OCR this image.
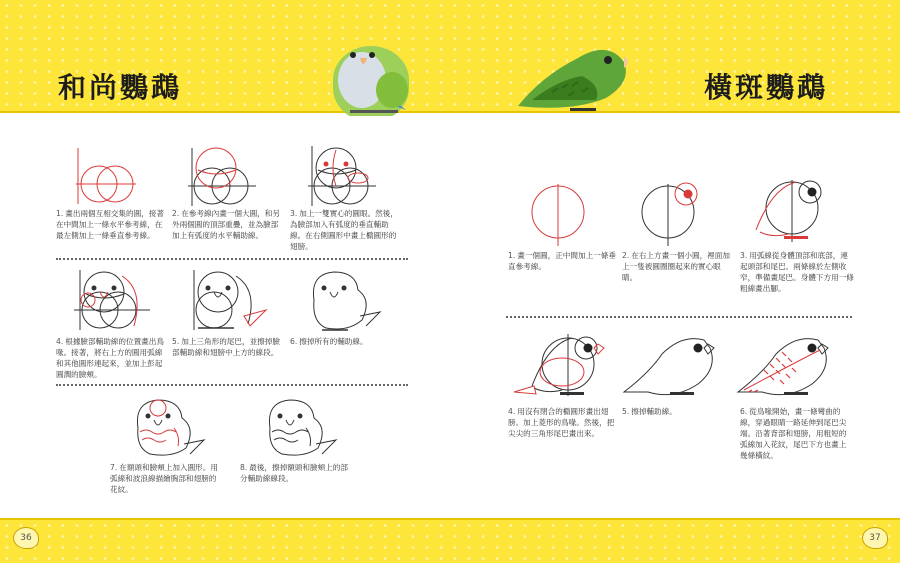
和尚鸚鵡	橫斑鸚鵡
1. 畫出兩個互相交集的圓，接著在中間加上一條水平參考線，在最左側加上一條垂直參考線。
2. 在參考線內畫一個大圓，和另外兩個圓的頂部重疊，並為臉部加上有弧度的水平輔助線。
3. 加上一雙實心的圓眼。然後，為臉部加入有弧度的垂直輔助線。在右側圓形中畫上橢圓形的翅膀。
4. 根據臉部輔助線的位置畫出鳥喙。接著，將右上方的圓用弧線和其他圓形連起來，並加上彭起圓潤的臉頰。
5. 加上三角形的尾巴，並擦掉臉部輔助線和翅膀中上方的線段。
6. 擦掉所有的輔助線。
7. 在額頭和臉頰上加入圓形。用弧線和波浪線描繪胸部和翅膀的花紋。
8. 最後，擦掉額頭和臉頰上的部分輔助線線段。
1. 畫一個圓，正中間加上一條垂直參考線。
2. 在右上方畫一個小圓，裡面加上一隻被圓圈圈起來的實心眼睛。
3. 用弧線從身體頂部和底部，連起頭部和尾巴。兩條線於左側收窄，準備畫尾巴。身體下方用一條粗線畫出腳。
4. 用沒有閉合的橢圓形畫出翅膀。加上菱形的鳥喙。然後，把尖尖的三角形尾巴畫出來。
5. 擦掉輔助線。	6. 從鳥喙開始，畫一條彎曲的線，穿過眼睛一路延伸到尾巴尖端。沿著背部和翅膀，用粗短的弧線加入花紋，尾巴下方也畫上幾條橫紋。
36	37
